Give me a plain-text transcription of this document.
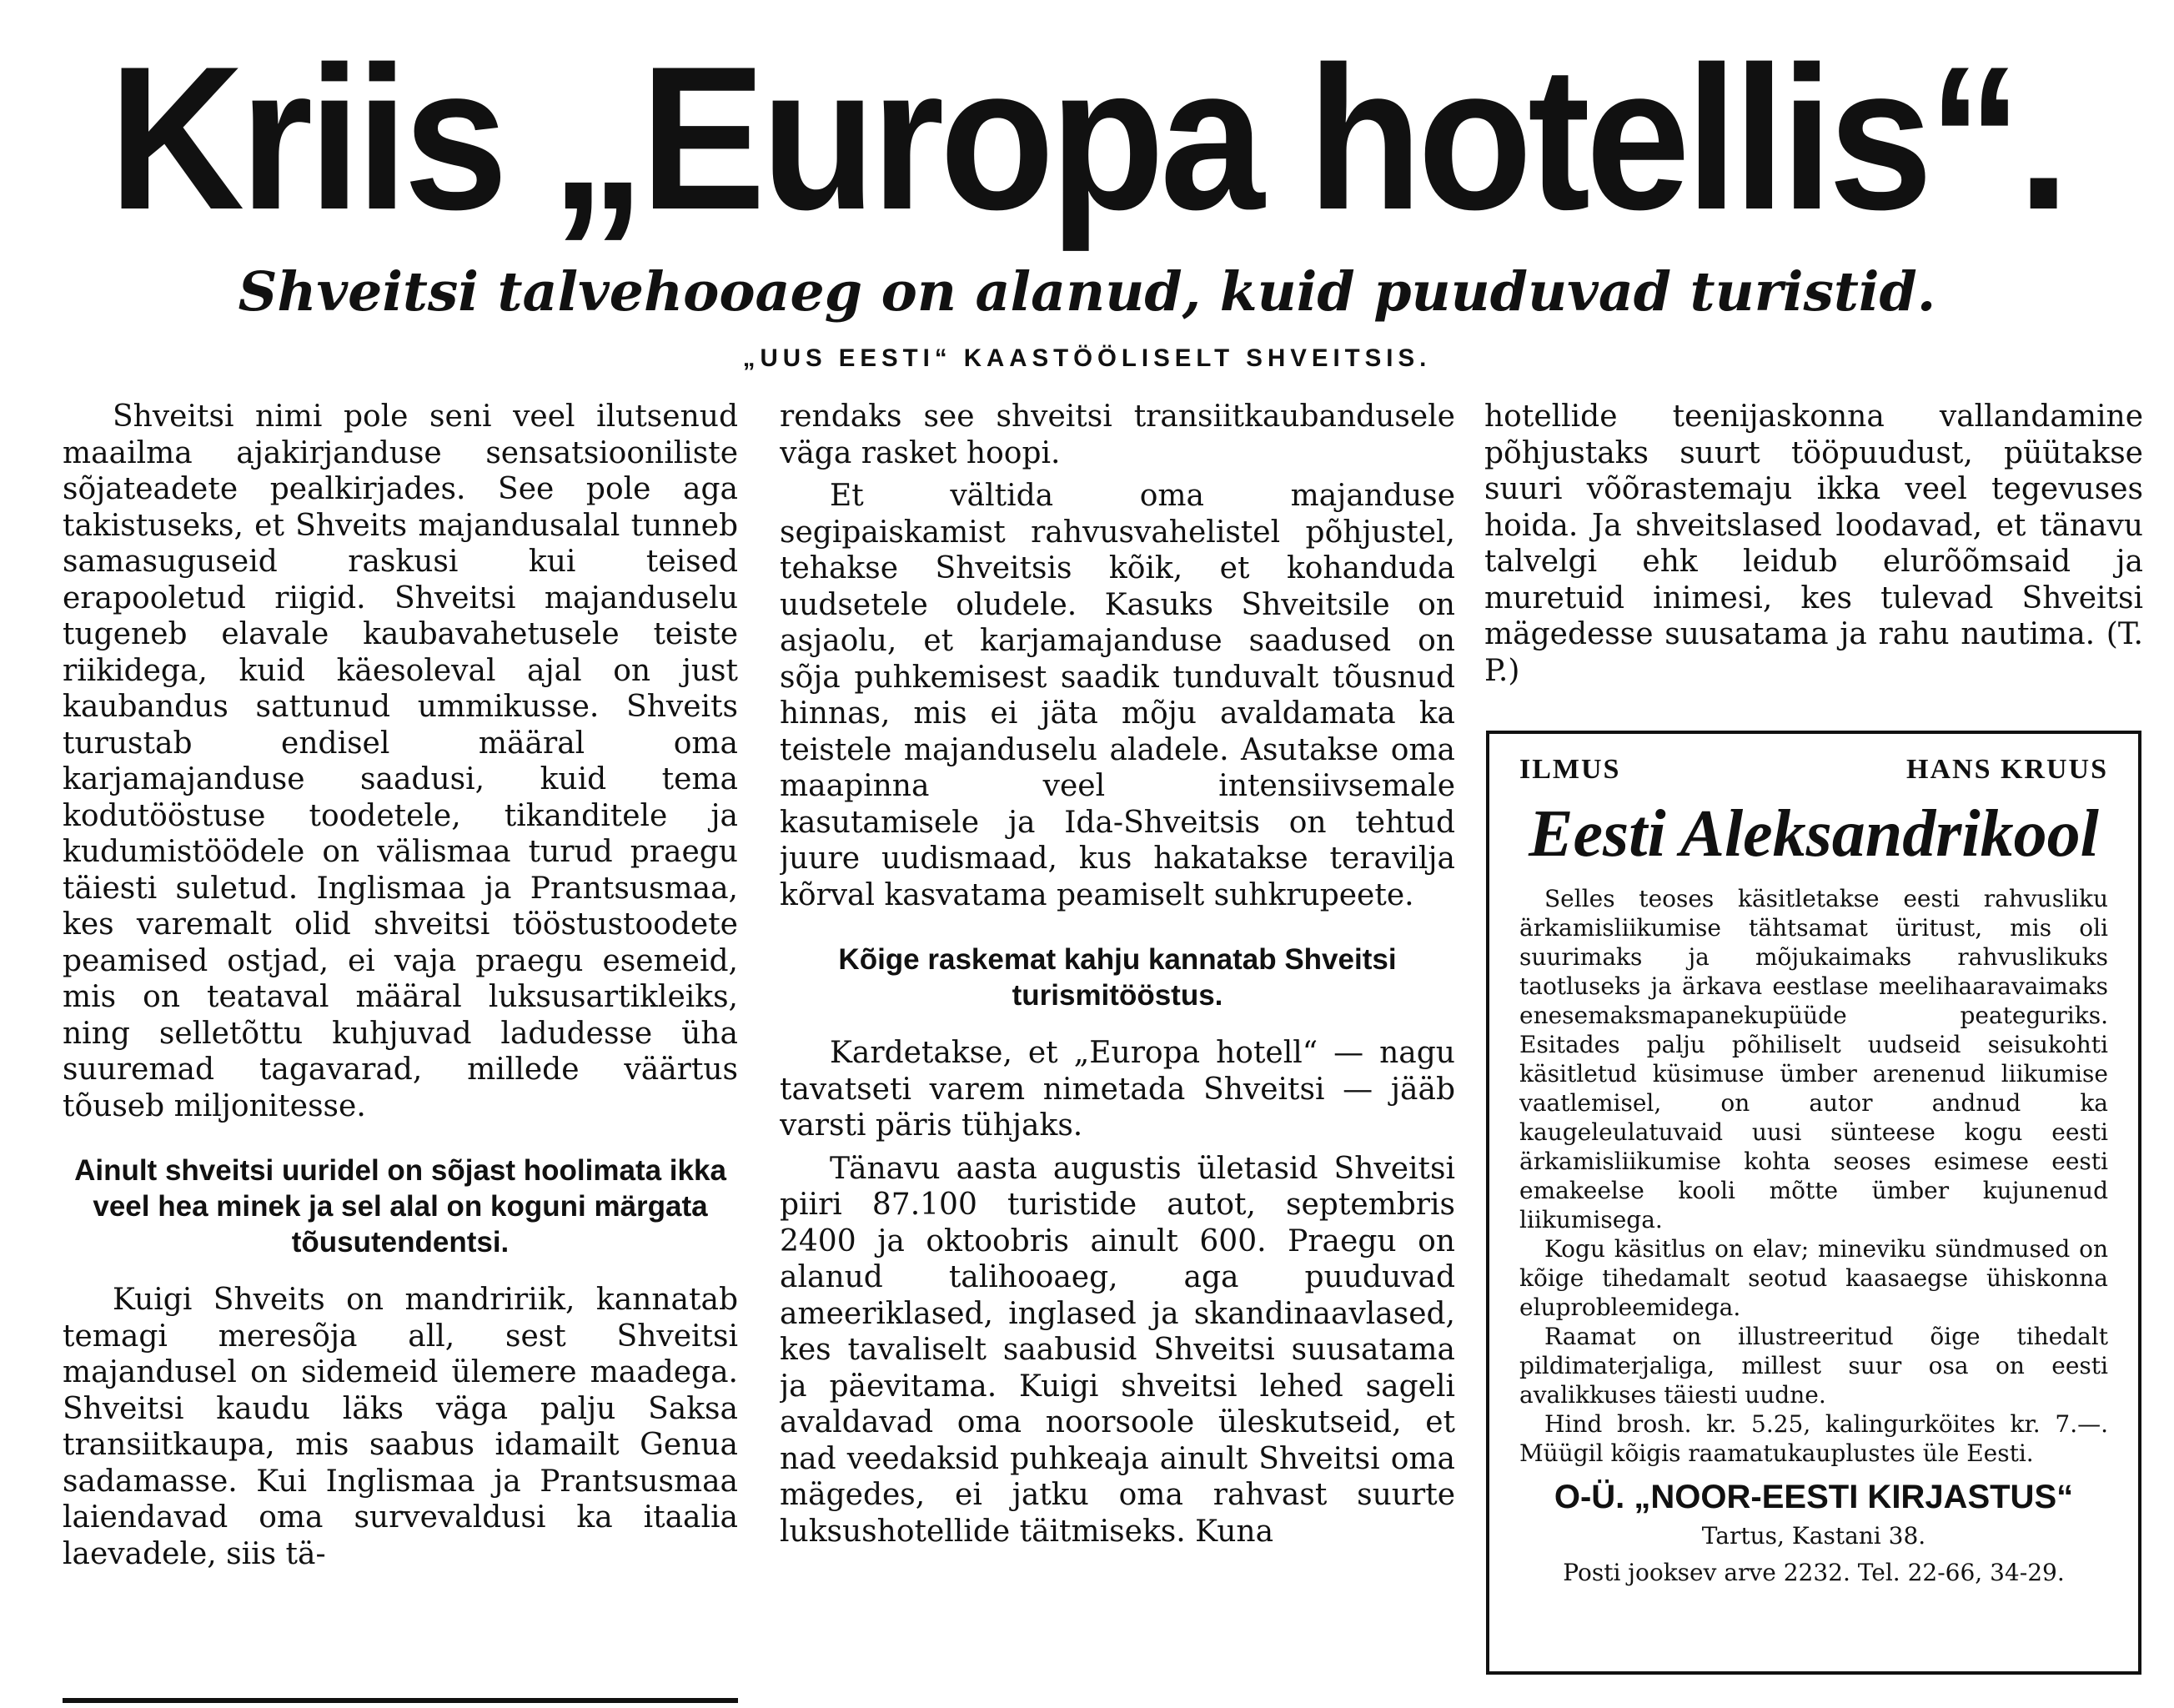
Kriis „Europa hotellis“.
Shveitsi talvehooaeg on alanud, kuid puuduvad turistid.
„UUS EESTI“ KAASTÖÖLISELT SHVEITSIS.

Shveitsi nimi pole seni veel ilutsenud maailma ajakirjanduse sensatsiooniliste sõjateadete pealkirjades. See pole aga takistuseks, et Shveits majandusalal tunneb samasuguseid raskusi kui teised erapooletud riigid. Shveitsi majanduselu tugeneb elavale kaubavahetusele teiste riikidega, kuid käesoleval ajal on just kaubandus sattunud ummikusse. Shveits turustab endisel määral oma karjamajanduse saadusi, kuid tema kodutööstuse toodetele, tikanditele ja kudumistöödele on välismaa turud praegu täiesti suletud. Inglismaa ja Prantsusmaa, kes varemalt olid shveitsi tööstustoodete peamised ostjad, ei vaja praegu esemeid, mis on teataval määral luksusartikleiks, ning selletõttu kuhjuvad ladudesse üha suuremad tagavarad, millede väärtus tõuseb miljonitesse.

Ainult shveitsi uuridel on sõjast hoolimata ikka veel hea minek ja sel alal on koguni märgata tõusutendentsi.

Kuigi Shveits on mandririik, kannatab temagi meresõja all, sest Shveitsi majandusel on sidemeid ülemere maadega. Shveitsi kaudu läks väga palju Saksa transiitkaupa, mis saabus idamailt Genua sadamasse. Kui Inglismaa ja Prantsusmaa laiendavad oma survevaldusi ka itaalia laevadele, siis tä-

rendaks see shveitsi transiitkaubandusele väga rasket hoopi.

Et vältida oma majanduse segipaiskamist rahvusvahelistel põhjustel, tehakse Shveitsis kõik, et kohanduda uudsetele oludele. Kasuks Shveitsile on asjaolu, et karjamajanduse saadused on sõja puhkemisest saadik tunduvalt tõusnud hinnas, mis ei jäta mõju avaldamata ka teistele majanduselu aladele. Asutakse oma maapinna veel intensiivsemale kasutamisele ja Ida-Shveitsis on tehtud juure uudismaad, kus hakatakse teravilja kõrval kasvatama peamiselt suhkrupeete.

Kõige raskemat kahju kannatab Shveitsi turismitööstus.

Kardetakse, et „Europa hotell“ — nagu tavatseti varem nimetada Shveitsi — jääb varsti päris tühjaks.

Tänavu aasta augustis ületasid Shveitsi piiri 87.100 turistide autot, septembris 2400 ja oktoobris ainult 600. Praegu on alanud talihooaeg, aga puuduvad ameeriklased, inglased ja skandinaavlased, kes tavaliselt saabusid Shveitsi suusatama ja päevitama. Kuigi shveitsi lehed sageli avaldavad oma noorsoole üleskutseid, et nad veedaksid puhkeaja ainult Shveitsi oma mägedes, ei jatku oma rahvast suurte luksushotellide täitmiseks. Kuna

hotellide teenijaskonna vallandamine põhjustaks suurt tööpuudust, püütakse suuri võõrastemaju ikka veel tegevuses hoida. Ja shveitslased loodavad, et tänavu talvelgi ehk leidub elurõõmsaid ja muretuid inimesi, kes tulevad Shveitsi mägedesse suusatama ja rahu nautima. (T. P.)

ILMUS	HANS KRUUS
Eesti Aleksandrikool

Selles teoses käsitletakse eesti rahvusliku ärkamisliikumise tähtsamat üritust, mis oli suurimaks ja mõjukaimaks rahvuslikuks taotluseks ja ärkava eestlase meelihaaravaimaks enesemaksmapanekupüüde peateguriks. Esitades palju põhiliselt uudseid seisukohti käsitletud küsimuse ümber arenenud liikumise vaatlemisel, on autor andnud ka kaugeleulatuvaid uusi sünteese kogu eesti ärkamisliikumise kohta seoses esimese eesti emakeelse kooli mõtte ümber kujunenud liikumisega.

Kogu käsitlus on elav; mineviku sündmused on kõige tihedamalt seotud kaasaegse ühiskonna eluprobleemidega.

Raamat on illustreeritud õige tihedalt pildimaterjaliga, millest suur osa on eesti avalikkuses täiesti uudne.

Hind brosh. kr. 5.25, kalingurköites kr. 7.—. Müügil kõigis raamatukauplustes üle Eesti.

O-Ü. „NOOR-EESTI KIRJASTUS“
Tartus, Kastani 38.
Posti jooksev arve 2232. Tel. 22-66, 34-29.
